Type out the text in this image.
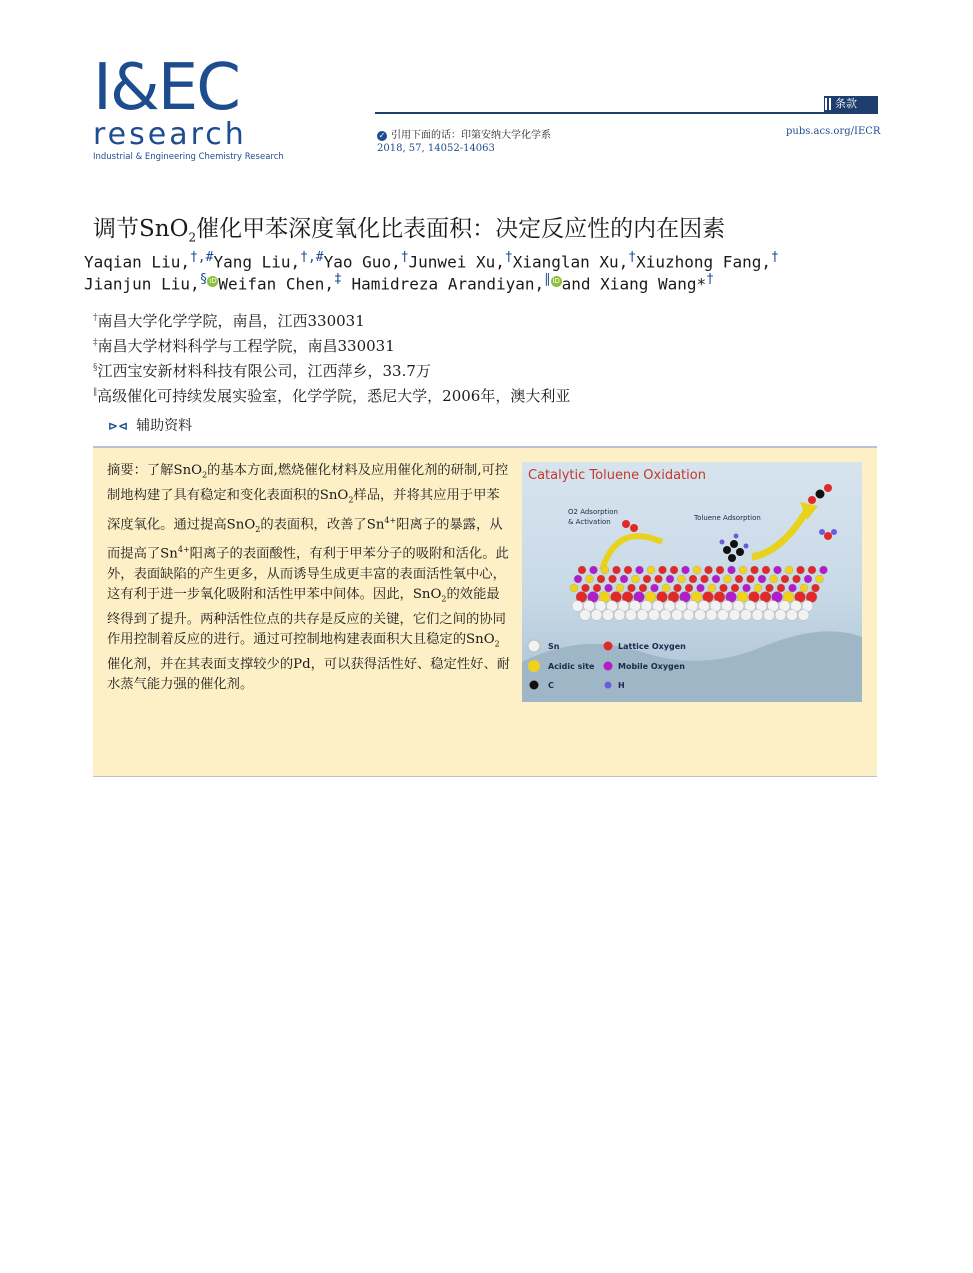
I&EC
research
Industrial & Engineering Chemistry Research
条款
✓ 引用下面的话：印第安纳大学化学系
2018, 57, 14052-14063
pubs.acs.org/IECR
调节SnO$_2$催化甲苯深度氧化比表面积：决定反应性的内在因素
Yaqian Liu,†,#Yang Liu,†,#Yao Guo,†Junwei Xu,†Xianglan Xu,†Xiuzhong Fang,†
Jianjun Liu,§ iD Weifan Chen,‡ Hamidreza Arandiyan,∥ iD and Xiang Wang*†
†南昌大学化学学院，南昌，江西330031
‡南昌大学材料科学与工程学院，南昌330031
§江西宝安新材料科技有限公司，江西萍乡，33.7万
∥高级催化可持续发展实验室，化学学院，悉尼大学，2006年，澳大利亚
⊳⊲ 辅助资料
摘要：了解SnO$_2$的基本方面,燃烧催化材料及应用催化剂的研制,可控制地构建了具有稳定和变化表面积的SnO$_2$样品，并将其应用于甲苯深度氧化。通过提高SnO$_2$的表面积，改善了$Sn^{4+}$阳离子的暴露，从而提高了$Sn^{4+}$阳离子的表面酸性，有利于甲苯分子的吸附和活化。此外，表面缺陷的产生更多，从而诱导生成更丰富的表面活性氧中心，这有利于进一步氧化吸附和活性甲苯中间体。因此，SnO$_2$的效能最终得到了提升。两种活性位点的共存是反应的关键，它们之间的协同作用控制着反应的进行。通过可控制地构建表面积大且稳定的SnO$_2$催化剂，并在其表面支撑较少的Pd，可以获得活性好、稳定性好、耐水蒸气能力强的催化剂。
Catalytic Toluene Oxidation
O2 Adsorption
& Activation	Toluene Adsorption
Sn	Lattice Oxygen
Acidic site	Mobile Oxygen
C	H
